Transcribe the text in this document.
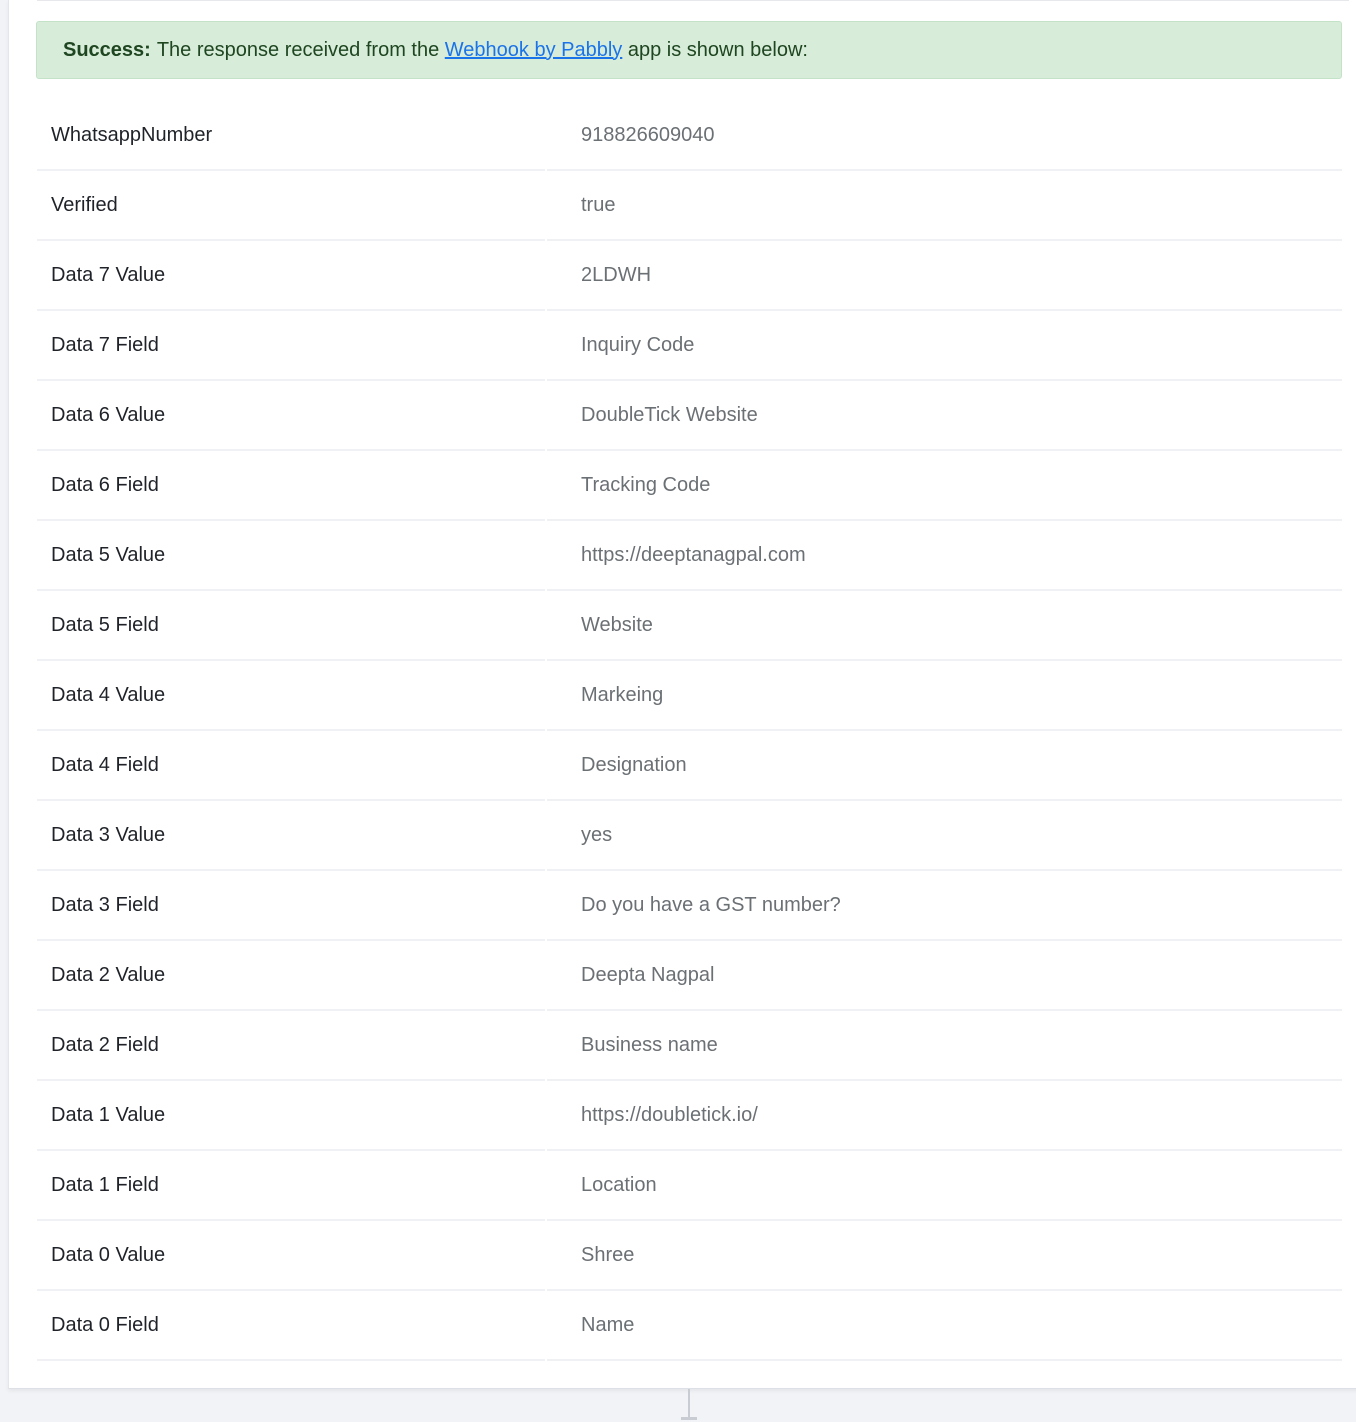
Success: The response received from the Webhook by Pabbly app is shown below:
WhatsappNumber	918826609040
Verified	true
Data 7 Value	2LDWH
Data 7 Field	Inquiry Code
Data 6 Value	DoubleTick Website
Data 6 Field	Tracking Code
Data 5 Value	https://deeptanagpal.com
Data 5 Field	Website
Data 4 Value	Markeing
Data 4 Field	Designation
Data 3 Value	yes
Data 3 Field	Do you have a GST number?
Data 2 Value	Deepta Nagpal
Data 2 Field	Business name
Data 1 Value	https://doubletick.io/
Data 1 Field	Location
Data 0 Value	Shree
Data 0 Field	Name
